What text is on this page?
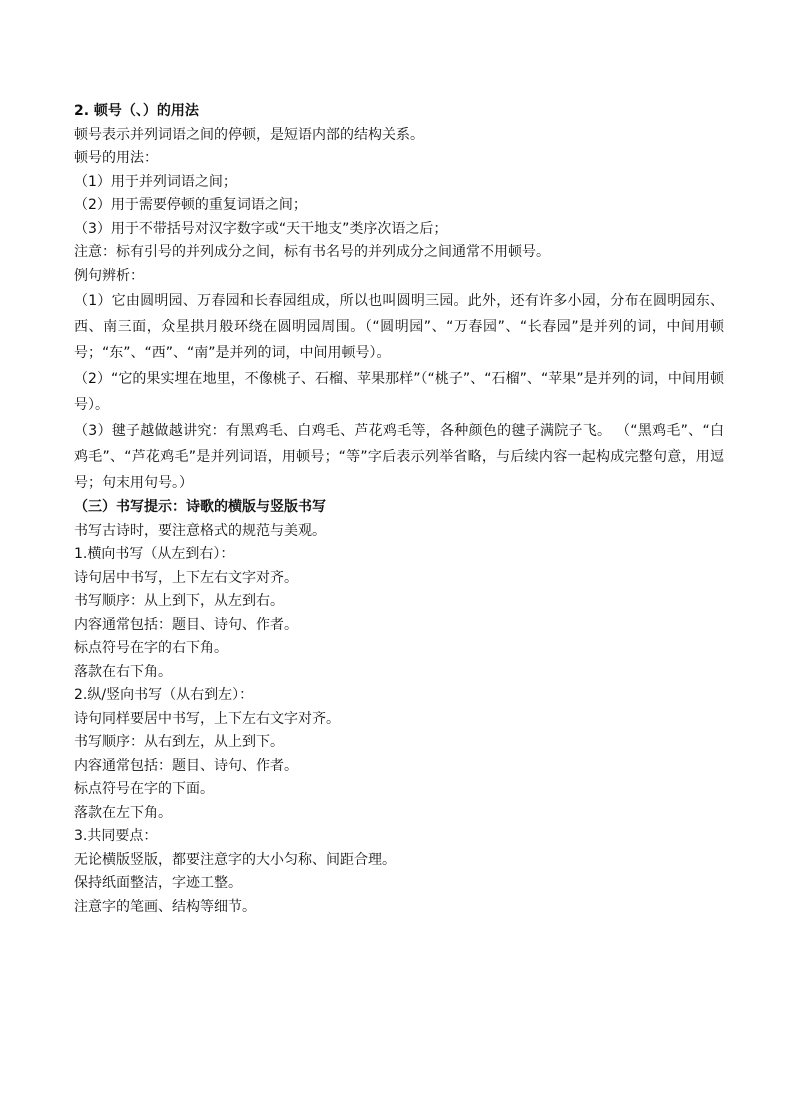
2. 顿号（、）的用法
顿号表示并列词语之间的停顿，是短语内部的结构关系。
顿号的用法：
（1）用于并列词语之间；
（2）用于需要停顿的重复词语之间；
（3）用于不带括号对汉字数字或“天干地支”类序次语之后；
注意：标有引号的并列成分之间，标有书名号的并列成分之间通常不用顿号。
例句辨析：

（1）它由圆明园、万春园和长春园组成，所以也叫圆明三园。此外，还有许多小园，分布在圆明园东、西、南三面，众星拱月般环绕在圆明园周围。（“圆明园”、“万春园”、“长春园”是并列的词，中间用顿号；“东”、“西”、“南”是并列的词，中间用顿号）。

（2）“它的果实埋在地里，不像桃子、石榴、苹果那样”（“桃子”、“石榴”、“苹果”是并列的词，中间用顿号）。

（3）毽子越做越讲究：有黑鸡毛、白鸡毛、芦花鸡毛等，各种颜色的毽子满院子飞。 （“黑鸡毛”、“白鸡毛”、“芦花鸡毛”是并列词语，用顿号；“等”字后表示列举省略，与后续内容一起构成完整句意，用逗号；句末用句号。）

（三）书写提示：诗歌的横版与竖版书写
书写古诗时，要注意格式的规范与美观。
1.横向书写（从左到右）：
诗句居中书写，上下左右文字对齐。
书写顺序：从上到下，从左到右。
内容通常包括：题目、诗句、作者。
标点符号在字的右下角。
落款在右下角。
2.纵/竖向书写（从右到左）：
诗句同样要居中书写，上下左右文字对齐。
书写顺序：从右到左，从上到下。
内容通常包括：题目、诗句、作者。
标点符号在字的下面。
落款在左下角。
3.共同要点：
无论横版竖版，都要注意字的大小匀称、间距合理。
保持纸面整洁，字迹工整。
注意字的笔画、结构等细节。
